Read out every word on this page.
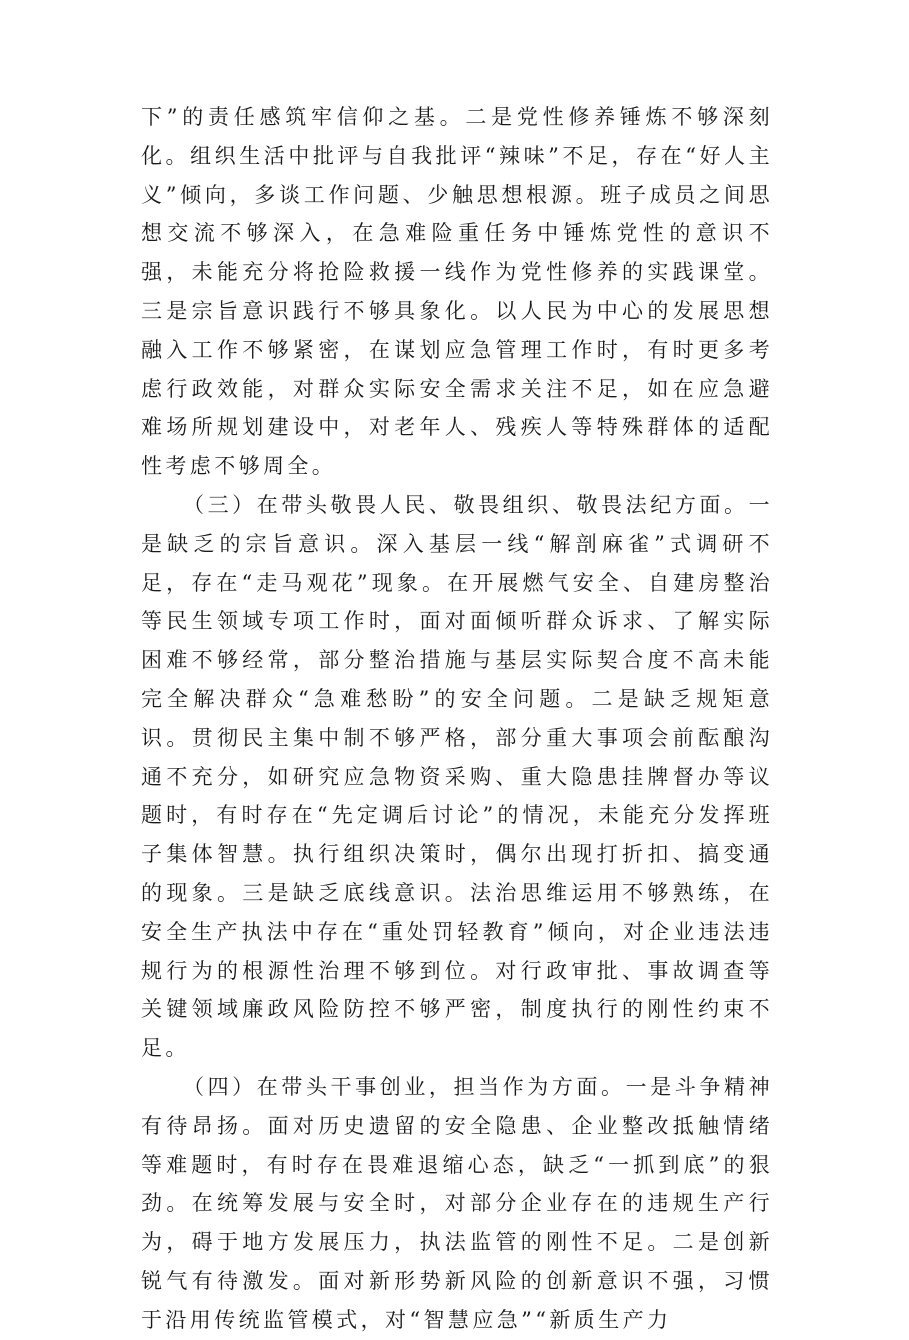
下”的责任感筑牢信仰之基。二是党性修养锤炼不够深刻化。组织生活中批评与自我批评“辣味”不足，存在“好人主义”倾向，多谈工作问题、少触思想根源。班子成员之间思想交流不够深入，在急难险重任务中锤炼党性的意识不强，未能充分将抢险救援一线作为党性修养的实践课堂。三是宗旨意识践行不够具象化。以人民为中心的发展思想融入工作不够紧密，在谋划应急管理工作时，有时更多考虑行政效能，对群众实际安全需求关注不足，如在应急避难场所规划建设中，对老年人、残疾人等特殊群体的适配性考虑不够周全。

（三）在带头敬畏人民、敬畏组织、敬畏法纪方面。一是缺乏的宗旨意识。深入基层一线“解剖麻雀”式调研不足，存在“走马观花”现象。在开展燃气安全、自建房整治等民生领域专项工作时，面对面倾听群众诉求、了解实际困难不够经常，部分整治措施与基层实际契合度不高未能完全解决群众“急难愁盼”的安全问题。二是缺乏规矩意识。贯彻民主集中制不够严格，部分重大事项会前酝酿沟通不充分，如研究应急物资采购、重大隐患挂牌督办等议题时，有时存在“先定调后讨论”的情况，未能充分发挥班子集体智慧。执行组织决策时，偶尔出现打折扣、搞变通的现象。三是缺乏底线意识。法治思维运用不够熟练，在安全生产执法中存在“重处罚轻教育”倾向，对企业违法违规行为的根源性治理不够到位。对行政审批、事故调查等关键领域廉政风险防控不够严密，制度执行的刚性约束不足。

（四）在带头干事创业，担当作为方面。一是斗争精神有待昂扬。面对历史遗留的安全隐患、企业整改抵触情绪等难题时，有时存在畏难退缩心态，缺乏“一抓到底”的狠劲。在统筹发展与安全时，对部分企业存在的违规生产行为，碍于地方发展压力，执法监管的刚性不足。二是创新锐气有待激发。面对新形势新风险的创新意识不强，习惯于沿用传统监管模式，对“智慧应急”“新质生产力
